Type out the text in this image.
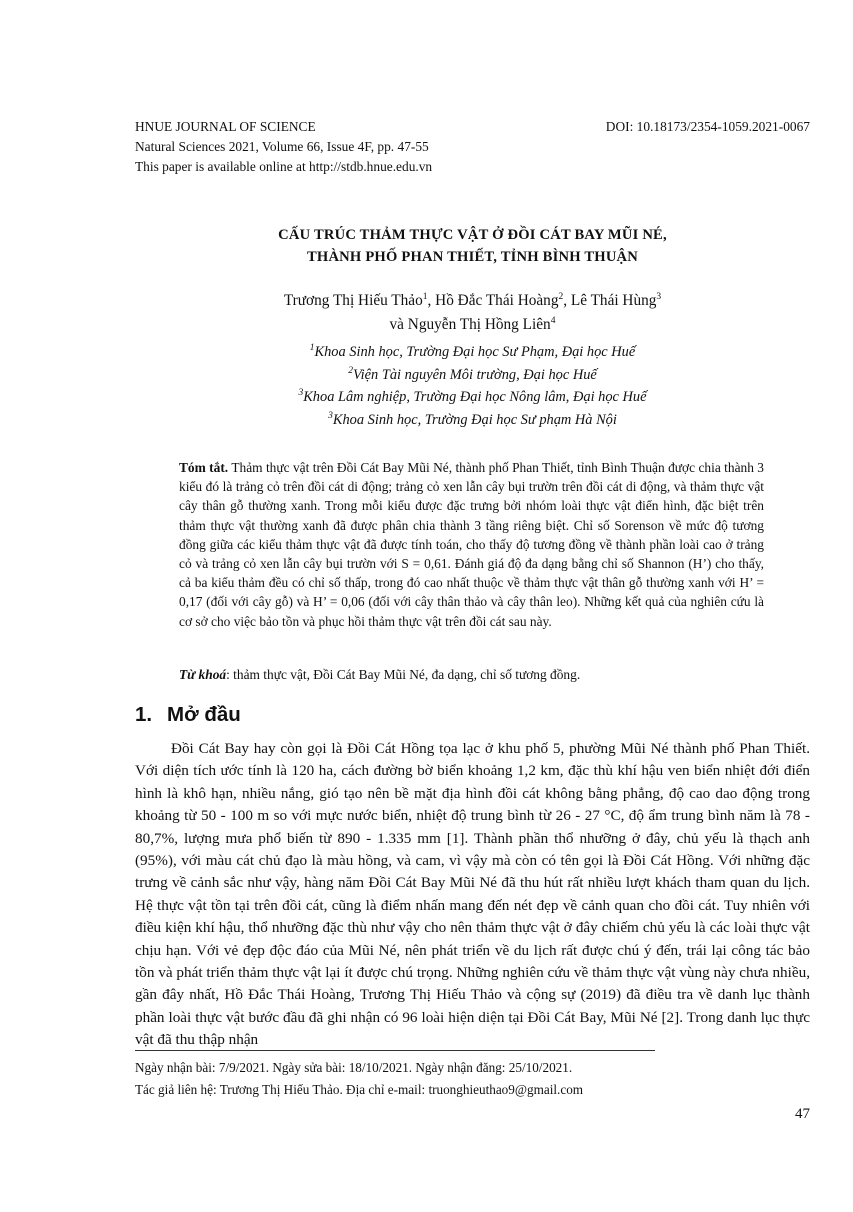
HNUE JOURNAL OF SCIENCE
Natural Sciences 2021, Volume 66, Issue 4F, pp. 47-55
This paper is available online at http://stdb.hnue.edu.vn
DOI: 10.18173/2354-1059.2021-0067
CẤU TRÚC THẢM THỰC VẬT Ở ĐỒI CÁT BAY MŨI NÉ,
THÀNH PHỐ PHAN THIẾT, TỈNH BÌNH THUẬN
Trương Thị Hiếu Thảo$^1$, Hồ Đắc Thái Hoàng$^2$, Lê Thái Hùng$^3$
và Nguyễn Thị Hồng Liên$^4$
$^1$Khoa Sinh học, Trường Đại học Sư Phạm, Đại học Huế
$^2$Viện Tài nguyên Môi trường, Đại học Huế
$^3$Khoa Lâm nghiệp, Trường Đại học Nông lâm, Đại học Huế
$^3$Khoa Sinh học, Trường Đại học Sư phạm Hà Nội
Tóm tắt. Thảm thực vật trên Đồi Cát Bay Mũi Né, thành phố Phan Thiết, tỉnh Bình Thuận được chia thành 3 kiểu đó là trảng cỏ trên đồi cát di động; trảng cỏ xen lẫn cây bụi trườn trên đồi cát di động, và thảm thực vật cây thân gỗ thường xanh. Trong mỗi kiểu được đặc trưng bởi nhóm loài thực vật điển hình, đặc biệt trên thảm thực vật thường xanh đã được phân chia thành 3 tầng riêng biệt. Chỉ số Sorenson về mức độ tương đồng giữa các kiểu thảm thực vật đã được tính toán, cho thấy độ tương đồng về thành phần loài cao ở trảng cỏ và trảng cỏ xen lẫn cây bụi trườn với S = 0,61. Đánh giá độ đa dạng bằng chỉ số Shannon (H’) cho thấy, cả ba kiểu thảm đều có chỉ số thấp, trong đó cao nhất thuộc về thảm thực vật thân gỗ thường xanh với H’ = 0,17 (đối với cây gỗ) và H’ = 0,06 (đối với cây thân thảo và cây thân leo). Những kết quả của nghiên cứu là cơ sở cho việc bảo tồn và phục hồi thảm thực vật trên đồi cát sau này.
Từ khoá: thảm thực vật, Đồi Cát Bay Mũi Né, đa dạng, chỉ số tương đồng.
1. Mở đầu

Đồi Cát Bay hay còn gọi là Đồi Cát Hồng tọa lạc ở khu phố 5, phường Mũi Né thành phố Phan Thiết. Với diện tích ước tính là 120 ha, cách đường bờ biển khoảng 1,2 km, đặc thù khí hậu ven biển nhiệt đới điển hình là khô hạn, nhiều nắng, gió tạo nên bề mặt địa hình đồi cát không bằng phẳng, độ cao dao động trong khoảng từ 50 - 100 m so với mực nước biển, nhiệt độ trung bình từ 26 - 27 °C, độ ẩm trung bình năm là 78 - 80,7%, lượng mưa phổ biến từ 890 - 1.335 mm [1]. Thành phần thổ nhưỡng ở đây, chủ yếu là thạch anh (95%), với màu cát chủ đạo là màu hồng, và cam, vì vậy mà còn có tên gọi là Đồi Cát Hồng. Với những đặc trưng về cảnh sắc như vậy, hàng năm Đồi Cát Bay Mũi Né đã thu hút rất nhiều lượt khách tham quan du lịch. Hệ thực vật tồn tại trên đồi cát, cũng là điểm nhấn mang đến nét đẹp về cảnh quan cho đồi cát. Tuy nhiên với điều kiện khí hậu, thổ nhưỡng đặc thù như vậy cho nên thảm thực vật ở đây chiếm chủ yếu là các loài thực vật chịu hạn. Với vẻ đẹp độc đáo của Mũi Né, nên phát triển về du lịch rất được chú ý đến, trái lại công tác bảo tồn và phát triển thảm thực vật lại ít được chú trọng. Những nghiên cứu về thảm thực vật vùng này chưa nhiều, gần đây nhất, Hồ Đắc Thái Hoàng, Trương Thị Hiếu Thảo và cộng sự (2019) đã điều tra về danh lục thành phần loài thực vật bước đầu đã ghi nhận có 96 loài hiện diện tại Đồi Cát Bay, Mũi Né [2]. Trong danh lục thực vật đã thu thập nhận

Ngày nhận bài: 7/9/2021. Ngày sửa bài: 18/10/2021. Ngày nhận đăng: 25/10/2021.
Tác giả liên hệ: Trương Thị Hiếu Thảo. Địa chỉ e-mail: truonghieuthao9@gmail.com
47
